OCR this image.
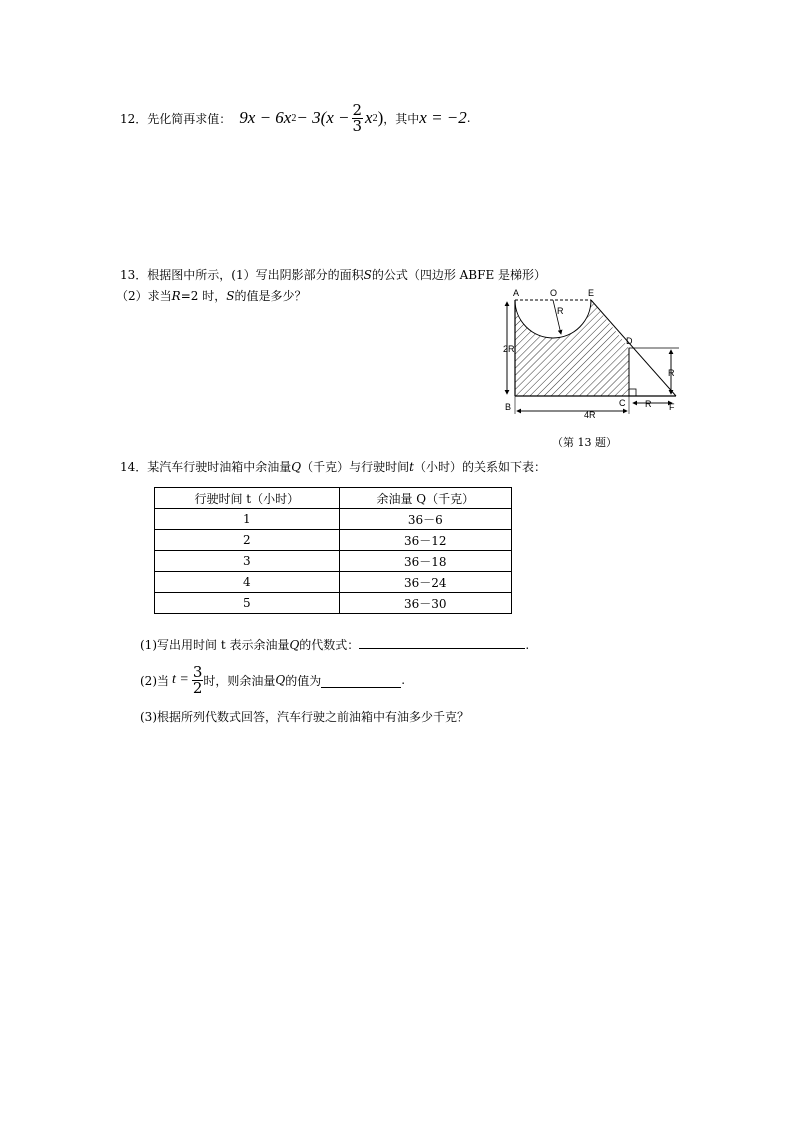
12．先化简再求值： 9x − 6x $2 - 3(x - \frac{2}{3}$ x 2 ) ，其中 x = −2 .
13．根据图中所示，(1）写出阴影部分的面积S的公式（四边形 ABFE 是梯形）
（2）求当R=2 时，S的值是多少？	A	O	E
R
D
R
2R
B	C R F
4R
（第 13 题）
14．某汽车行驶时油箱中余油量Q（千克）与行驶时间t（小时）的关系如下表：
行驶时间 t（小时）	余油量 Q（千克）
1	36－6
2	36－12
3	36－18
4	36－24
5	36－30
(1)写出用时间 t 表示余油量Q的代数式：	.
(2)当 $t = \frac{3}{2}$ 时，则余油量 Q 的值为	.
(3)根据所列代数式回答，汽车行驶之前油箱中有油多少千克？
